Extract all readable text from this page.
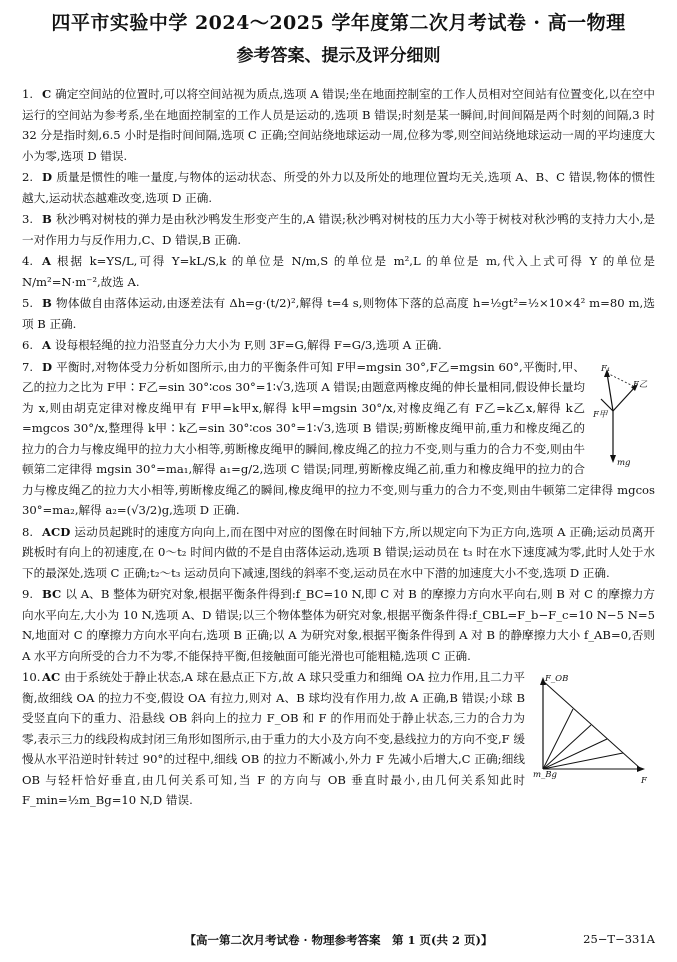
四平市实验中学 2024～2025 学年度第二次月考试卷 · 高一物理
参考答案、提示及评分细则
1. C 确定空间站的位置时,可以将空间站视为质点,选项 A 错误;坐在地面控制室的工作人员相对空间站有位置变化,以在空中运行的空间站为参考系,坐在地面控制室的工作人员是运动的,选项 B 错误;时刻是某一瞬间,时间间隔是两个时刻的间隔,3 时 32 分是指时刻,6.5 小时是指时间间隔,选项 C 正确;空间站绕地球运动一周,位移为零,则空间站绕地球运动一周的平均速度大小为零,选项 D 错误.
2. D 质量是惯性的唯一量度,与物体的运动状态、所受的外力以及所处的地理位置均无关,选项 A、B、C 错误,物体的惯性越大,运动状态越难改变,选项 D 正确.
3. B 秋沙鸭对树枝的弹力是由秋沙鸭发生形变产生的,A 错误;秋沙鸭对树枝的压力大小等于树枝对秋沙鸭的支持力大小,是一对作用力与反作用力,C、D 错误,B 正确.
4. A 根据 k=YS/L,可得 Y=kL/S,k 的单位是 N/m,S 的单位是 m²,L 的单位是 m,代入上式可得 Y 的单位是 N/m²=N·m⁻²,故选 A.
5. B 物体做自由落体运动,由逐差法有 Δh=g·(t/2)²,解得 t=4 s,则物体下落的总高度 h=½gt²=½×10×4² m=80 m,选项 B 正确.
6. A 设每根轻绳的拉力沿竖直分力大小为 F,则 3F=G,解得 F=G/3,选项 A 正确.
F₁
F乙
F甲
mg
7. D 平衡时,对物体受力分析如图所示,由力的平衡条件可知 F甲=mgsin 30°,F乙=mgsin 60°,平衡时,甲、乙的拉力之比为 F甲∶F乙=sin 30°∶cos 30°=1∶√3,选项 A 错误;由题意两橡皮绳的伸长量相同,假设伸长量均为 x,则由胡克定律对橡皮绳甲有 F甲=k甲x,解得 k甲=mgsin 30°/x,对橡皮绳乙有 F乙=k乙x,解得 k乙=mgcos 30°/x,整理得 k甲∶k乙=sin 30°∶cos 30°=1∶√3,选项 B 错误;剪断橡皮绳甲前,重力和橡皮绳乙的拉力的合力与橡皮绳甲的拉力大小相等,剪断橡皮绳甲的瞬间,橡皮绳乙的拉力不变,则与重力的合力不变,则由牛顿第二定律得 mgsin 30°=ma₁,解得 a₁=g/2,选项 C 错误;同理,剪断橡皮绳乙前,重力和橡皮绳甲的拉力的合力与橡皮绳乙的拉力大小相等,剪断橡皮绳乙的瞬间,橡皮绳甲的拉力不变,则与重力的合力不变,则由牛顿第二定律得 mgcos 30°=ma₂,解得 a₂=(√3/2)g,选项 D 正确.
8. ACD 运动员起跳时的速度方向向上,而在图中对应的图像在时间轴下方,所以规定向下为正方向,选项 A 正确;运动员离开跳板时有向上的初速度,在 0～t₂ 时间内做的不是自由落体运动,选项 B 错误;运动员在 t₃ 时在水下速度减为零,此时人处于水下的最深处,选项 C 正确;t₂～t₃ 运动员向下减速,图线的斜率不变,运动员在水中下潜的加速度大小不变,选项 D 正确.
9. BC 以 A、B 整体为研究对象,根据平衡条件得到:f_BC=10 N,即 C 对 B 的摩擦力方向水平向右,则 B 对 C 的摩擦力方向水平向左,大小为 10 N,选项 A、D 错误;以三个物体整体为研究对象,根据平衡条件得:f_CBL=F_b−F_c=10 N−5 N=5 N,地面对 C 的摩擦力方向水平向右,选项 B 正确;以 A 为研究对象,根据平衡条件得到 A 对 B 的静摩擦力大小 f_AB=0,否则 A 水平方向所受的合力不为零,不能保持平衡,但接触面可能光滑也可能粗糙,选项 C 正确.
F_OB
m_Bg
F
10. AC 由于系统处于静止状态,A 球在悬点正下方,故 A 球只受重力和细绳 OA 拉力作用,且二力平衡,故细线 OA 的拉力不变,假设 OA 有拉力,则对 A、B 球均没有作用力,故 A 正确,B 错误;小球 B 受竖直向下的重力、沿悬线 OB 斜向上的拉力 F_OB 和 F 的作用而处于静止状态,三力的合力为零,表示三力的线段构成封闭三角形如图所示,由于重力的大小及方向不变,悬线拉力的方向不变,F 缓慢从水平沿逆时针转过 90°的过程中,细线 OB 的拉力不断减小,外力 F 先减小后增大,C 正确;细线 OB 与轻杆恰好垂直,由几何关系可知,当 F 的方向与 OB 垂直时最小,由几何关系知此时 F_min=½m_Bg=10 N,D 错误.
【高一第二次月考试卷 · 物理参考答案　第 1 页(共 2 页)】	25−T−331A
